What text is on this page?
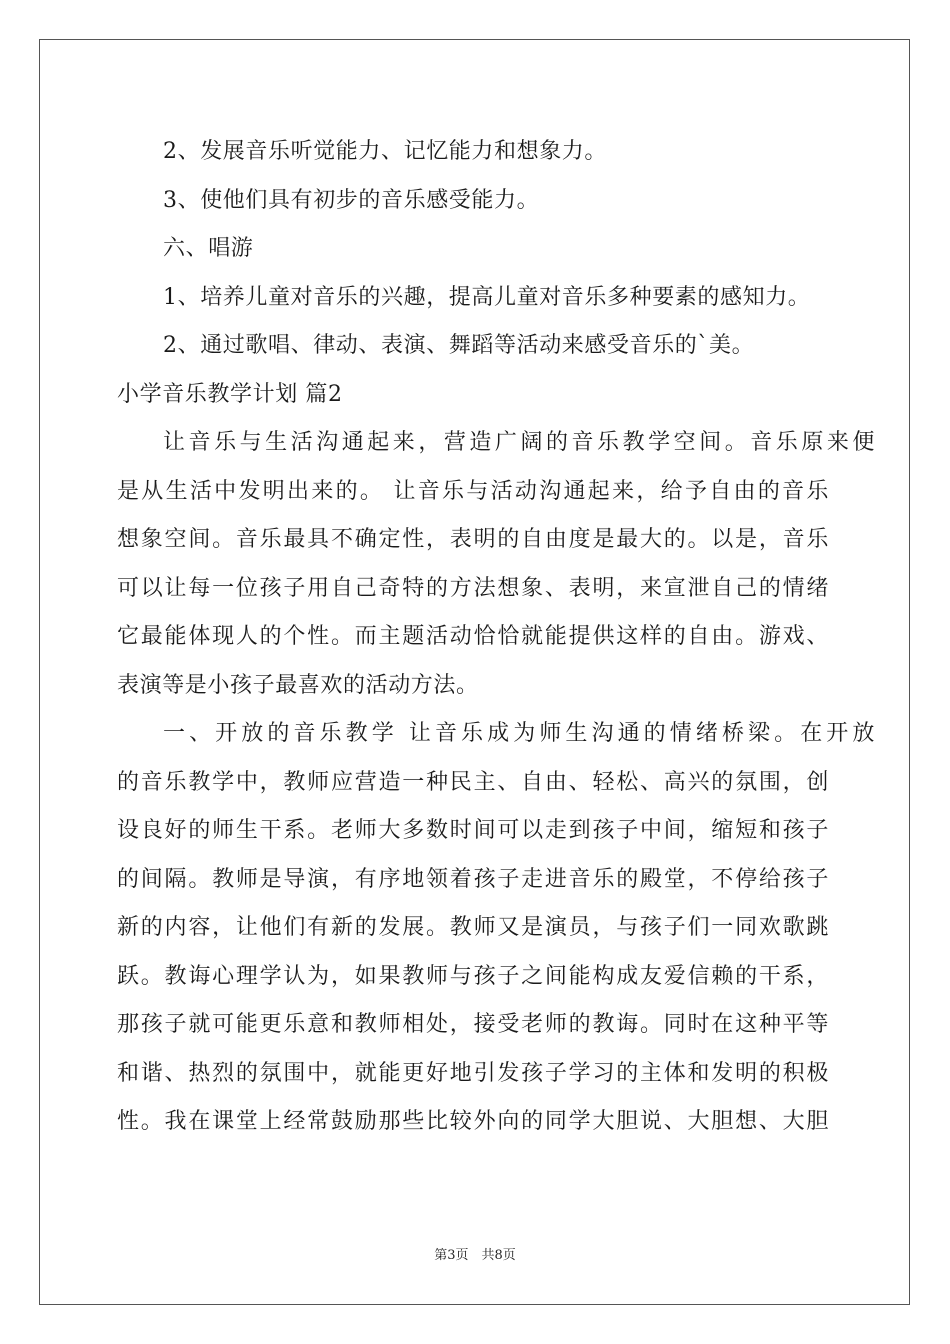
2、发展音乐听觉能力、记忆能力和想象力。
3、使他们具有初步的音乐感受能力。
六、唱游
1、培养儿童对音乐的兴趣，提高儿童对音乐多种要素的感知力。
2、通过歌唱、律动、表演、舞蹈等活动来感受音乐的`美。
小学音乐教学计划 篇2
让音乐与生活沟通起来，营造广阔的音乐教学空间。音乐原来便
是从生活中发明出来的。 让音乐与活动沟通起来，给予自由的音乐
想象空间。音乐最具不确定性，表明的自由度是最大的。以是，音乐
可以让每一位孩子用自己奇特的方法想象、表明，来宣泄自己的情绪
它最能体现人的个性。而主题活动恰恰就能提供这样的自由。游戏、
表演等是小孩子最喜欢的活动方法。
一、开放的音乐教学 让音乐成为师生沟通的情绪桥梁。在开放
的音乐教学中，教师应营造一种民主、自由、轻松、高兴的氛围，创
设良好的师生干系。老师大多数时间可以走到孩子中间，缩短和孩子
的间隔。教师是导演，有序地领着孩子走进音乐的殿堂，不停给孩子
新的内容，让他们有新的发展。教师又是演员，与孩子们一同欢歌跳
跃。教诲心理学认为，如果教师与孩子之间能构成友爱信赖的干系，
那孩子就可能更乐意和教师相处，接受老师的教诲。同时在这种平等
和谐、热烈的氛围中，就能更好地引发孩子学习的主体和发明的积极
性。我在课堂上经常鼓励那些比较外向的同学大胆说、大胆想、大胆
第3页　共8页
